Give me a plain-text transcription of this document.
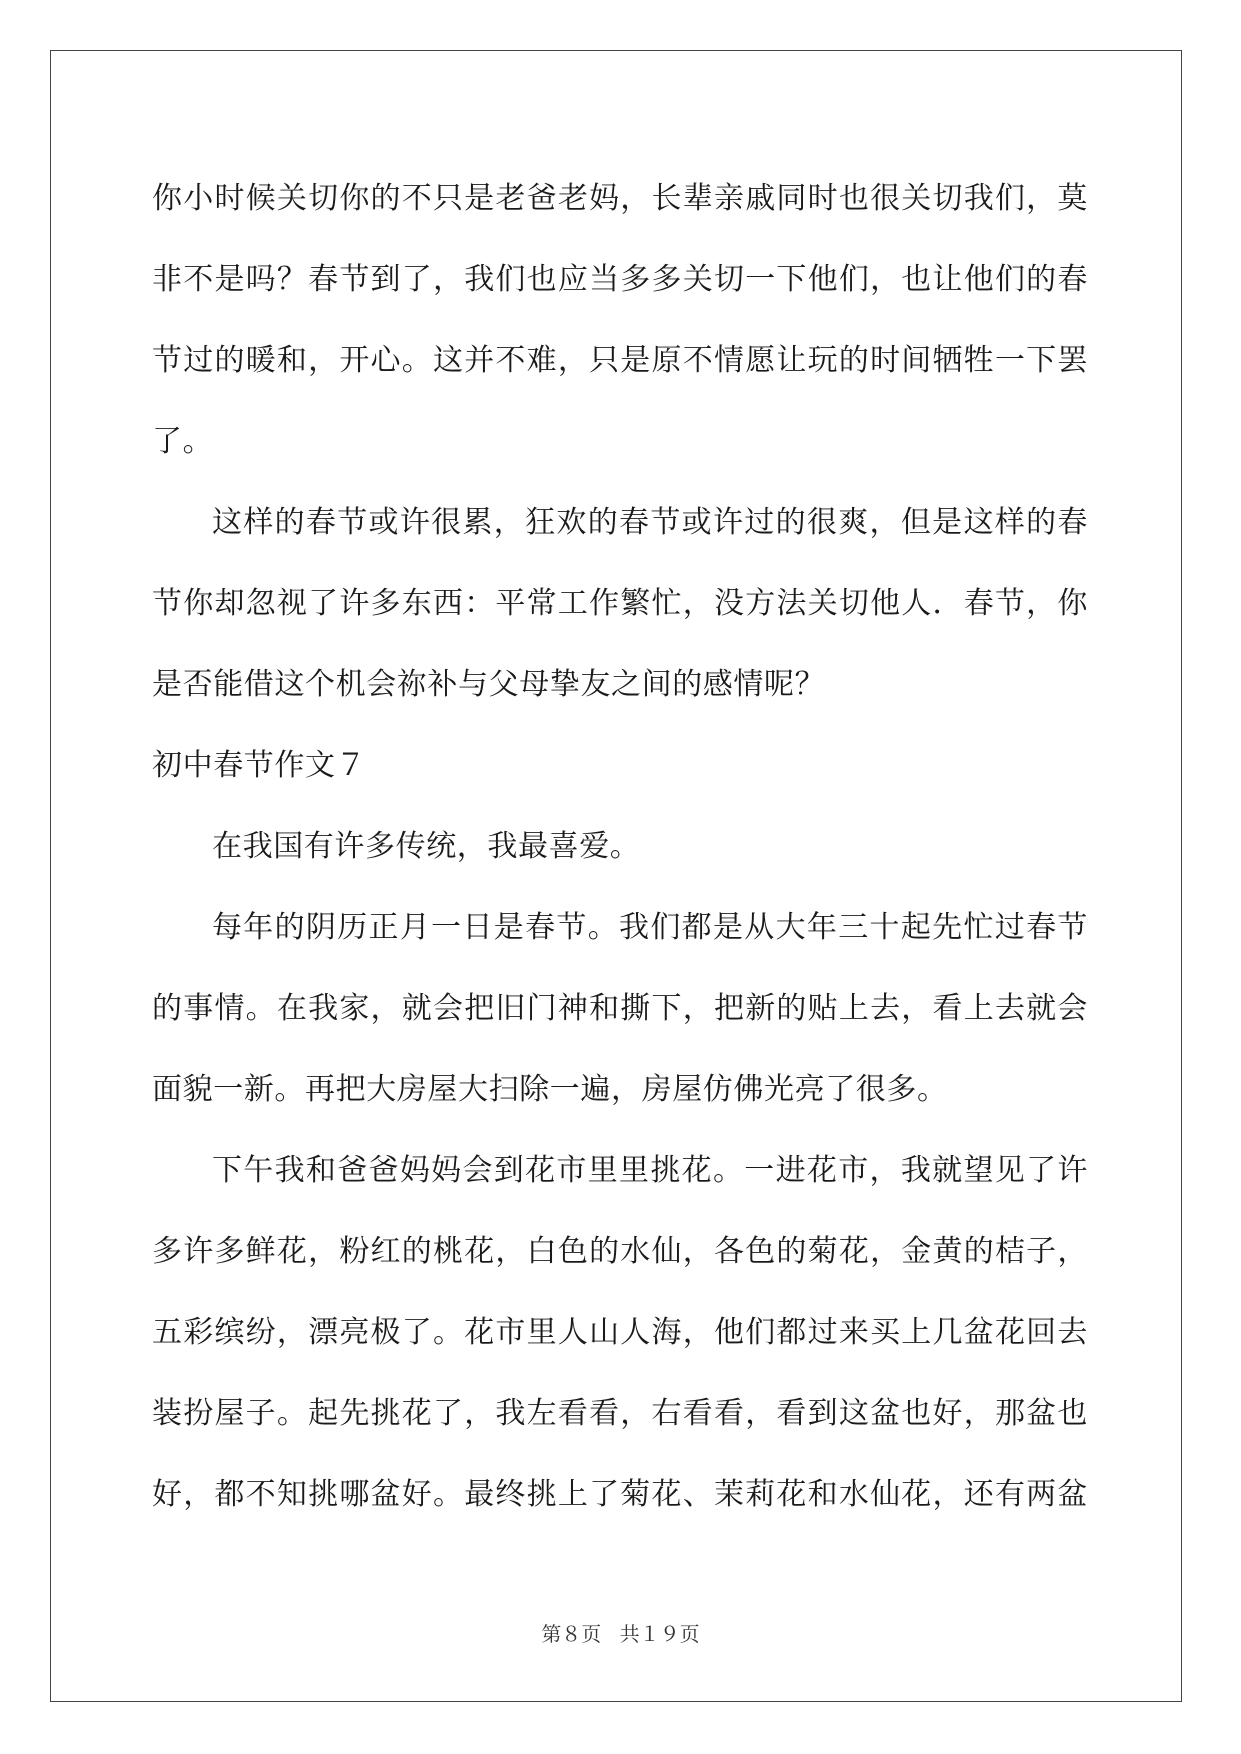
你小时候关切你的不只是老爸老妈，长辈亲戚同时也很关切我们，莫
非不是吗？春节到了，我们也应当多多关切一下他们，也让他们的春
节过的暖和，开心。这并不难，只是原不情愿让玩的时间牺牲一下罢
了。
这样的春节或许很累，狂欢的春节或许过的很爽，但是这样的春
节你却忽视了许多东西：平常工作繁忙，没方法关切他人．春节，你
是否能借这个机会祢补与父母挚友之间的感情呢？
初中春节作文７
在我国有许多传统，我最喜爱。
每年的阴历正月一日是春节。我们都是从大年三十起先忙过春节
的事情。在我家，就会把旧门神和撕下，把新的贴上去，看上去就会
面貌一新。再把大房屋大扫除一遍，房屋仿佛光亮了很多。
下午我和爸爸妈妈会到花市里里挑花。一进花市，我就望见了许
多许多鲜花，粉红的桃花，白色的水仙，各色的菊花，金黄的桔子，
五彩缤纷，漂亮极了。花市里人山人海，他们都过来买上几盆花回去
装扮屋子。起先挑花了，我左看看，右看看，看到这盆也好，那盆也
好，都不知挑哪盆好。最终挑上了菊花、茉莉花和水仙花，还有两盆
第８页 共１９页
